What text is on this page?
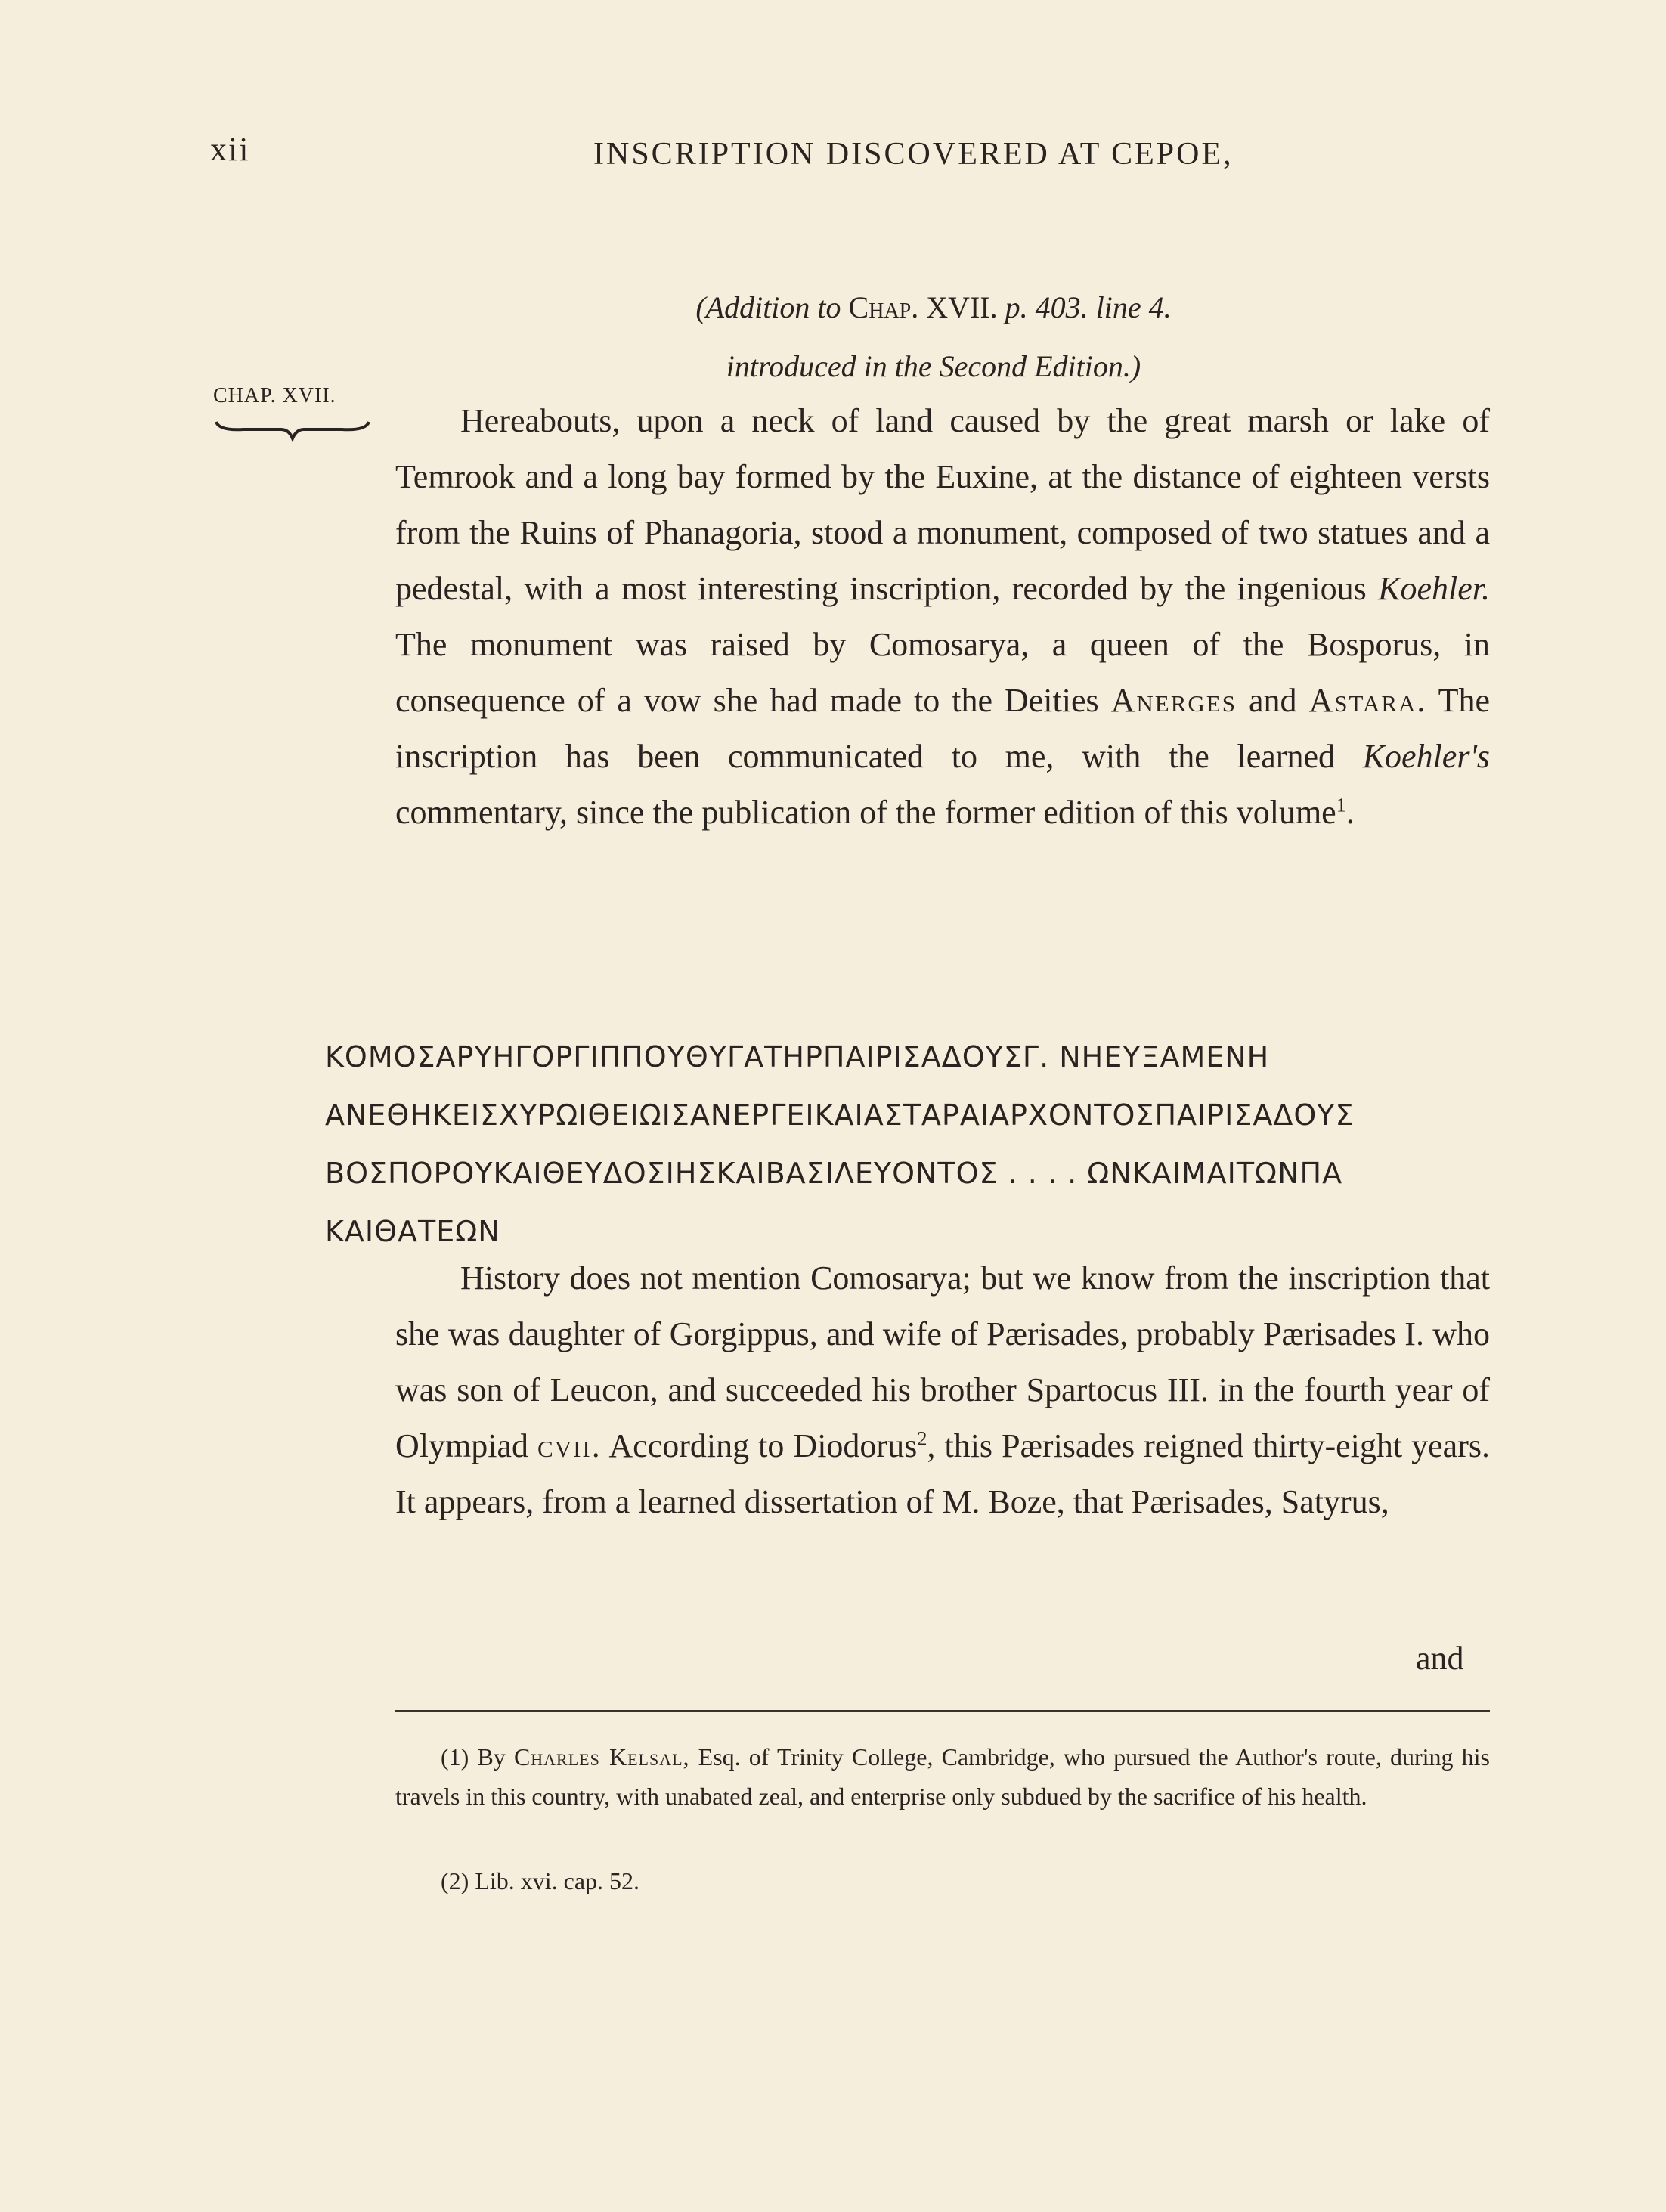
xii	INSCRIPTION DISCOVERED AT CEPOE,
(Addition to Chap. XVII. p. 403. line 4.
introduced in the Second Edition.)
CHAP. XVII.

Hereabouts, upon a neck of land caused by the great marsh or lake of Temrook and a long bay formed by the Euxine, at the distance of eighteen versts from the Ruins of Phanagoria, stood a monument, composed of two statues and a pedestal, with a most interesting inscription, recorded by the ingenious Koehler. The monument was raised by Comosarya, a queen of the Bosporus, in consequence of a vow she had made to the Deities Anerges and Astara. The inscription has been communicated to me, with the learned Koehler's commentary, since the publication of the former edition of this volume$^1$.

ΚΟΜΟΣΑΡΥΗΓΟΡΓΙΠΠΟΥΘΥΓΑΤΗΡΠΑΙΡΙΣΑΔΟΥΣΓ. ΝΗΕΥΞΑΜΕΝΗ
ΑΝΕΘΗΚΕΙΣΧΥΡΩΙΘΕΙΩΙΣΑΝΕΡΓΕΙΚΑΙΑΣΤΑΡΑΙΑΡΧΟΝΤΟΣΠΑΙΡΙΣΑΔΟΥΣ
ΒΟΣΠΟΡΟΥΚΑΙΘΕΥΔΟΣΙΗΣΚΑΙΒΑΣΙΛΕΥΟΝΤΟΣ . . . . ΩΝΚΑΙΜΑΙΤΩΝΠΑ
ΚΑΙΘΑΤΕΩΝ

History does not mention Comosarya; but we know from the inscription that she was daughter of Gorgippus, and wife of Pærisades, probably Pærisades I. who was son of Leucon, and succeeded his brother Spartocus III. in the fourth year of Olympiad cvii. According to Diodorus$^2$, this Pærisades reigned thirty-eight years. It appears, from a learned dissertation of M. Boze, that Pærisades, Satyrus,

and

(1) By Charles Kelsal, Esq. of Trinity College, Cambridge, who pursued the Author's route, during his travels in this country, with unabated zeal, and enterprise only subdued by the sacrifice of his health.

(2) Lib. xvi. cap. 52.
